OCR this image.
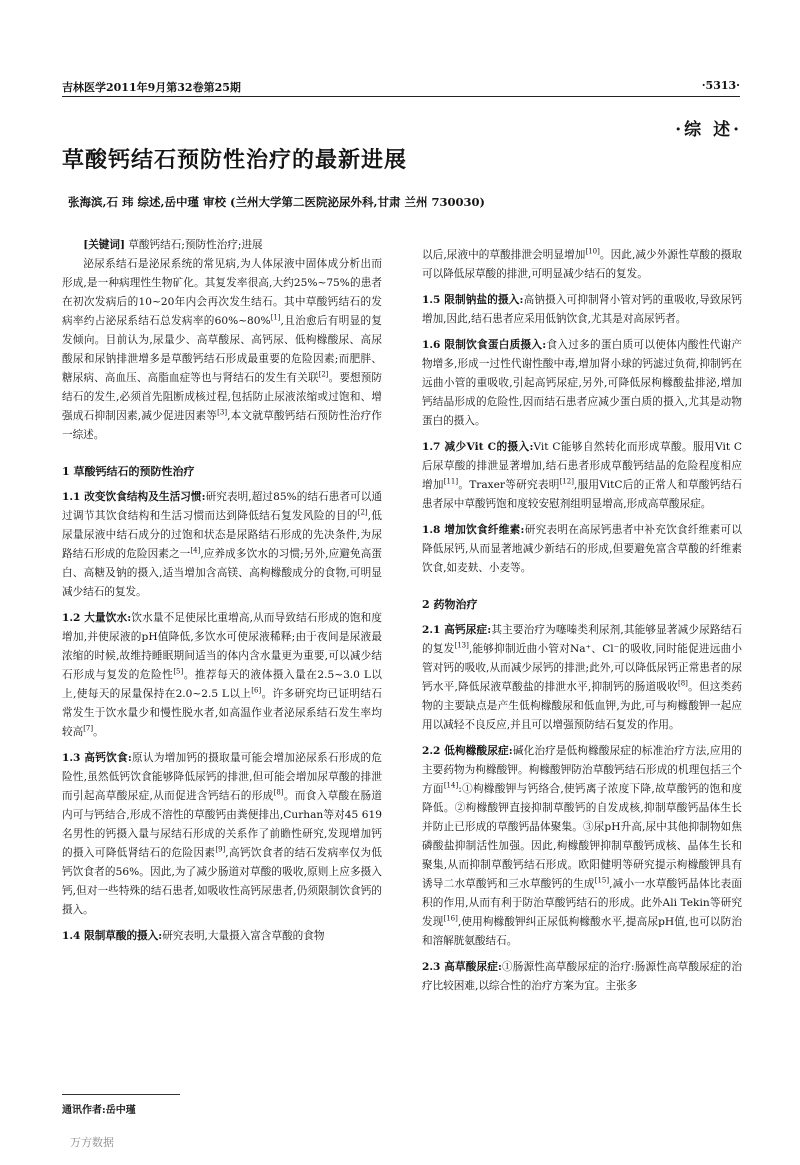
吉林医学2011年9月第32卷第25期	·5313·
·综 述·
草酸钙结石预防性治疗的最新进展
张海滨,石 玮 综述,岳中瑾 审校 (兰州大学第二医院泌尿外科,甘肃 兰州 730030)

[关键词] 草酸钙结石;预防性治疗;进展

泌尿系结石是泌尿系统的常见病,为人体尿液中固体成分析出而形成,是一种病理性生物矿化。其复发率很高,大约25%~75%的患者在初次发病后的10~20年内会再次发生结石。其中草酸钙结石的发病率约占泌尿系结石总发病率的60%~80%[1],且治愈后有明显的复发倾向。目前认为,尿量少、高草酸尿、高钙尿、低枸橼酸尿、高尿酸尿和尿钠排泄增多是草酸钙结石形成最重要的危险因素;而肥胖、糖尿病、高血压、高脂血症等也与肾结石的发生有关联[2]。要想预防结石的发生,必须首先阻断成核过程,包括防止尿液浓缩或过饱和、增强成石抑制因素,减少促进因素等[3],本文就草酸钙结石预防性治疗作一综述。

1 草酸钙结石的预防性治疗

1.1 改变饮食结构及生活习惯:研究表明,超过85%的结石患者可以通过调节其饮食结构和生活习惯而达到降低结石复发风险的目的[2],低尿量尿液中结石成分的过饱和状态是尿路结石形成的先决条件,为尿路结石形成的危险因素之一[4],应养成多饮水的习惯;另外,应避免高蛋白、高糖及钠的摄入,适当增加含高镁、高枸橼酸成分的食物,可明显减少结石的复发。

1.2 大量饮水:饮水量不足使尿比重增高,从而导致结石形成的饱和度增加,并使尿液的pH值降低,多饮水可使尿液稀释;由于夜间是尿液最浓缩的时候,故维持睡眠期间适当的体内含水量更为重要,可以减少结石形成与复发的危险性[5]。推荐每天的液体摄入量在2.5~3.0 L以上,使每天的尿量保持在2.0~2.5 L以上[6]。许多研究均已证明结石常发生于饮水量少和慢性脱水者,如高温作业者泌尿系结石发生率均较高[7]。

1.3 高钙饮食:原认为增加钙的摄取量可能会增加泌尿系石形成的危险性,虽然低钙饮食能够降低尿钙的排泄,但可能会增加尿草酸的排泄而引起高草酸尿症,从而促进含钙结石的形成[8]。而食入草酸在肠道内可与钙结合,形成不溶性的草酸钙由粪便排出,Curhan等对45 619名男性的钙摄入量与尿结石形成的关系作了前瞻性研究,发现增加钙的摄入可降低肾结石的危险因素[9],高钙饮食者的结石发病率仅为低钙饮食者的56%。因此,为了减少肠道对草酸的吸收,原则上应多摄入钙,但对一些特殊的结石患者,如吸收性高钙尿患者,仍须限制饮食钙的摄入。

1.4 限制草酸的摄入:研究表明,大量摄入富含草酸的食物

以后,尿液中的草酸排泄会明显增加[10]。因此,减少外源性草酸的摄取可以降低尿草酸的排泄,可明显减少结石的复发。

1.5 限制钠盐的摄入:高钠摄入可抑制肾小管对钙的重吸收,导致尿钙增加,因此,结石患者应采用低钠饮食,尤其是对高尿钙者。

1.6 限制饮食蛋白质摄入:食入过多的蛋白质可以使体内酸性代谢产物增多,形成一过性代谢性酸中毒,增加肾小球的钙滤过负荷,抑制钙在远曲小管的重吸收,引起高钙尿症,另外,可降低尿枸橼酸盐排泌,增加钙结晶形成的危险性,因而结石患者应减少蛋白质的摄入,尤其是动物蛋白的摄入。

1.7 减少Vit C的摄入:Vit C能够自然转化而形成草酸。服用Vit C后尿草酸的排泄显著增加,结石患者形成草酸钙结晶的危险程度相应增加[11]。Traxer等研究表明[12],服用VitC后的正常人和草酸钙结石患者尿中草酸钙饱和度较安慰剂组明显增高,形成高草酸尿症。

1.8 增加饮食纤维素:研究表明在高尿钙患者中补充饮食纤维素可以降低尿钙,从而显著地减少新结石的形成,但要避免富含草酸的纤维素饮食,如麦麸、小麦等。

2 药物治疗

2.1 高钙尿症:其主要治疗为噻嗪类利尿剂,其能够显著减少尿路结石的复发[13],能够抑制近曲小管对Na⁺、Cl⁻的吸收,同时能促进远曲小管对钙的吸收,从而减少尿钙的排泄;此外,可以降低尿钙正常患者的尿钙水平,降低尿液草酸盐的排泄水平,抑制钙的肠道吸收[8]。但这类药物的主要缺点是产生低枸橼酸尿和低血钾,为此,可与枸橼酸钾一起应用以减轻不良反应,并且可以增强预防结石复发的作用。

2.2 低枸橼酸尿症:碱化治疗是低枸橼酸尿症的标准治疗方法,应用的主要药物为枸橼酸钾。枸橼酸钾防治草酸钙结石形成的机理包括三个方面[14]:①枸橼酸钾与钙络合,使钙离子浓度下降,故草酸钙的饱和度降低。②枸橼酸钾直接抑制草酸钙的自发成核,抑制草酸钙晶体生长并防止已形成的草酸钙晶体聚集。③尿pH升高,尿中其他抑制物如焦磷酸盐抑制活性加强。因此,枸橼酸钾抑制草酸钙成核、晶体生长和聚集,从而抑制草酸钙结石形成。欧阳健明等研究提示枸橼酸钾具有诱导二水草酸钙和三水草酸钙的生成[15],减小一水草酸钙晶体比表面积的作用,从而有利于防治草酸钙结石的形成。此外Ali Tekin等研究发现[16],使用枸橼酸钾纠正尿低枸橼酸水平,提高尿pH值,也可以防治和溶解胱氨酸结石。

2.3 高草酸尿症:①肠源性高草酸尿症的治疗:肠源性高草酸尿症的治疗比较困难,以综合性的治疗方案为宜。主张多

通讯作者:岳中瑾
万方数据
